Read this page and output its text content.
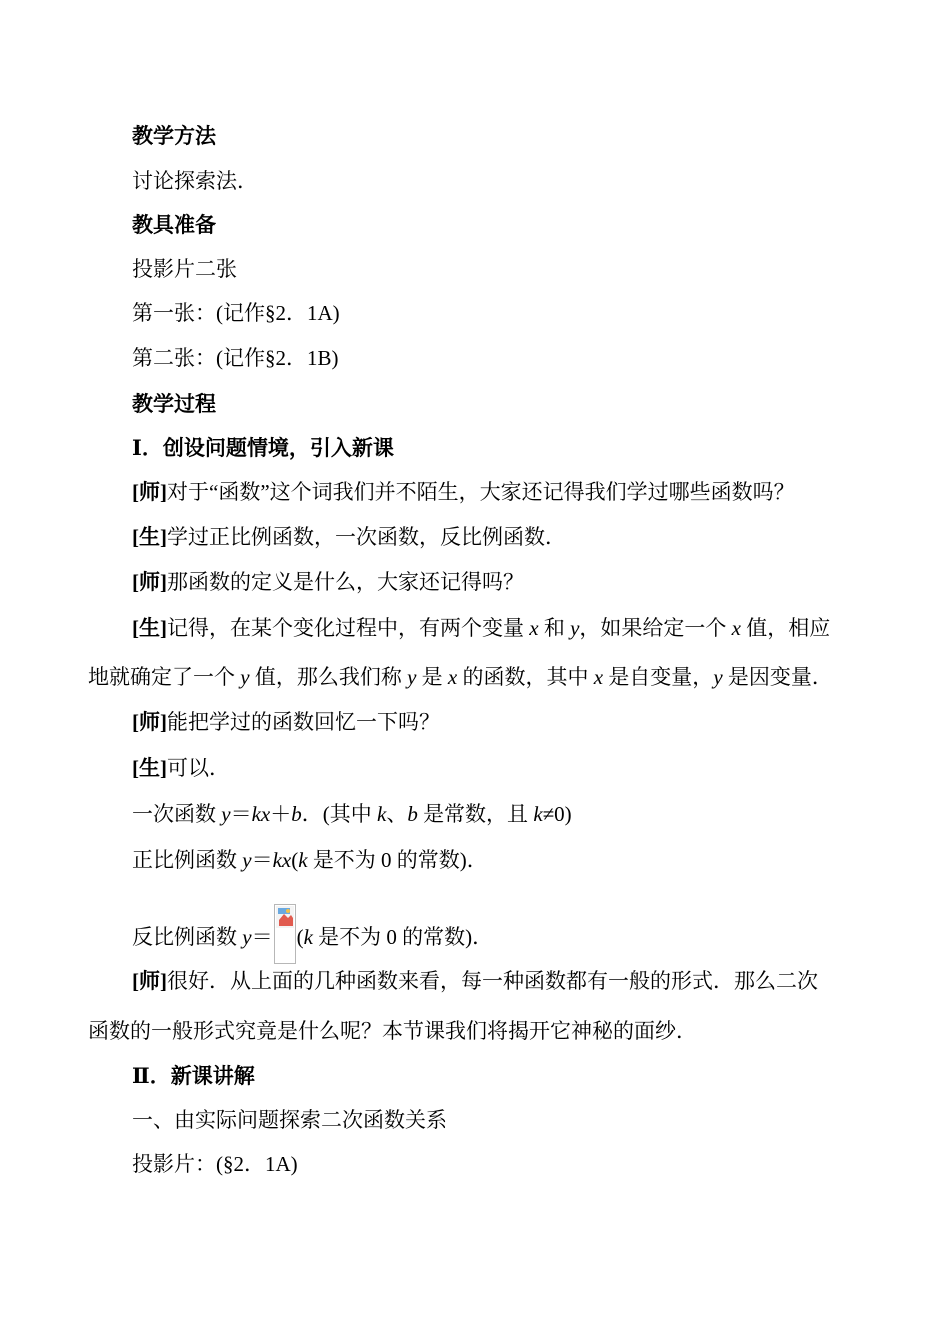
教学方法
讨论探索法．
教具准备
投影片二张
第一张：(记作§2．1A)
第二张：(记作§2．1B)
教学过程
Ⅰ．创设问题情境，引入新课
[师]对于“函数”这个词我们并不陌生，大家还记得我们学过哪些函数吗？
[生]学过正比例函数，一次函数，反比例函数．
[师]那函数的定义是什么，大家还记得吗？
[生]记得，在某个变化过程中，有两个变量 x 和 y，如果给定一个 x 值，相应
地就确定了一个 y 值，那么我们称 y 是 x 的函数，其中 x 是自变量，y 是因变量．
[师]能把学过的函数回忆一下吗？
[生]可以．
一次函数 y＝kx＋b．(其中 k、b 是常数，且 k≠0)
正比例函数 y＝kx(k 是不为 0 的常数)．
反比例函数 y＝ (k 是不为 0 的常数)．
[师]很好．从上面的几种函数来看，每一种函数都有一般的形式．那么二次
函数的一般形式究竟是什么呢？本节课我们将揭开它神秘的面纱．
Ⅱ．新课讲解
一、由实际问题探索二次函数关系
投影片：(§2．1A)
